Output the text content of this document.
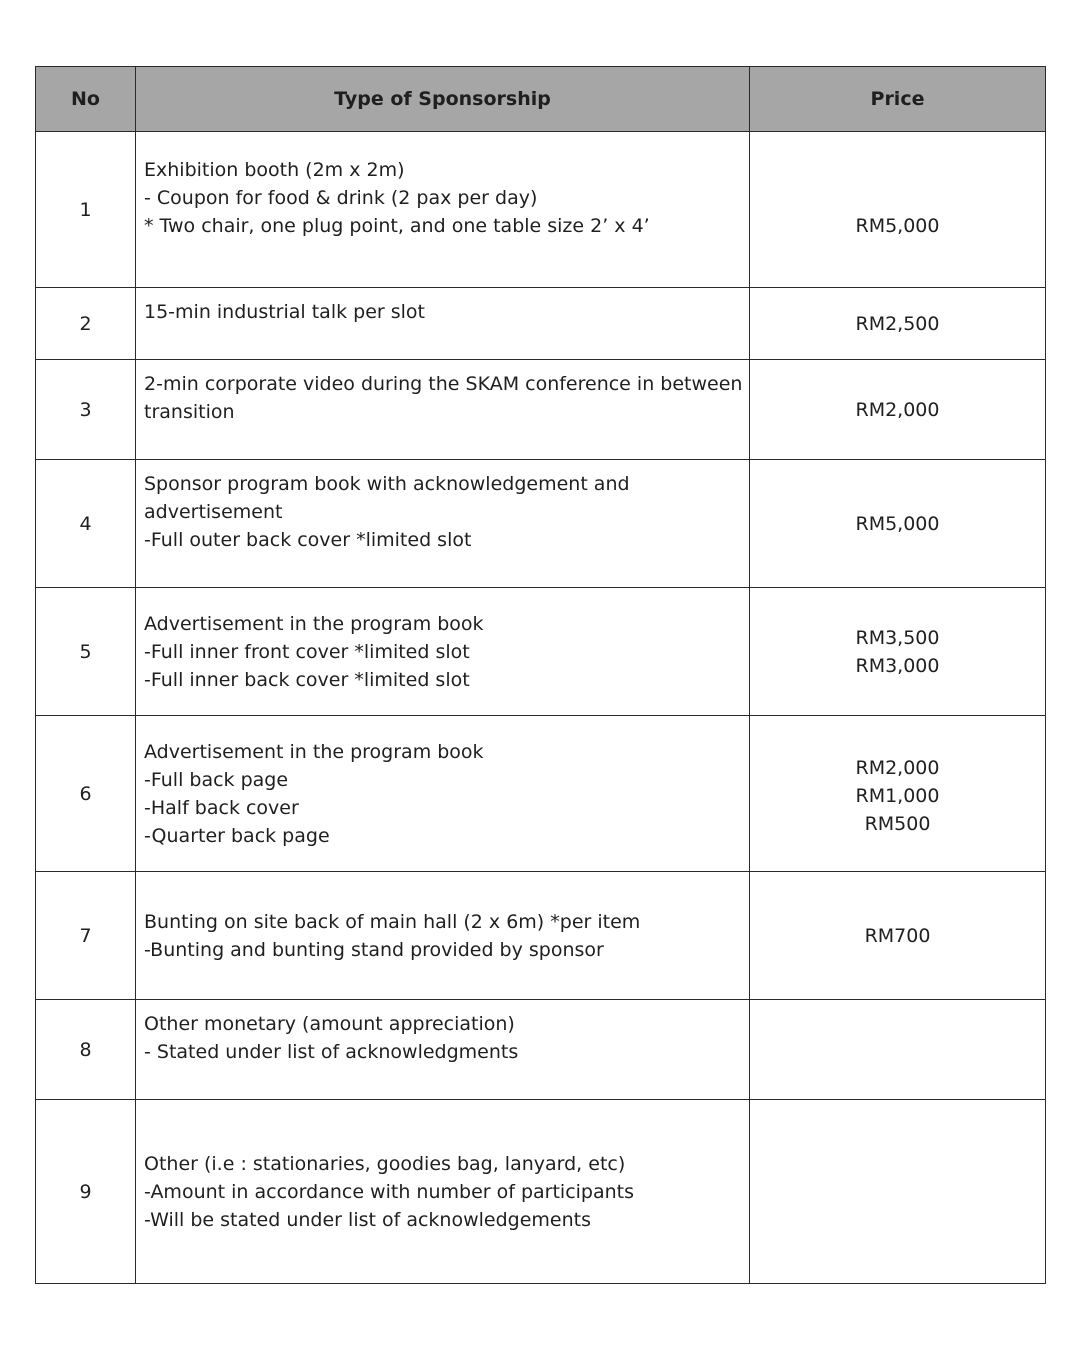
No	Type of Sponsorship	Price
1	Exhibition booth (2m x 2m)
- Coupon for food & drink (2 pax per day)
* Two chair, one plug point, and one table size 2’ x 4’	RM5,000

2	15-min industrial talk per slot	RM2,500

3	2-min corporate video during the SKAM conference in between transition	RM2,000

4	Sponsor program book with acknowledgement and advertisement
-Full outer back cover *limited slot	RM5,000

5	Advertisement in the program book
-Full inner front cover *limited slot
-Full inner back cover *limited slot	RM3,500
RM3,000

6	Advertisement in the program book
-Full back page
-Half back cover
-Quarter back page	RM2,000
RM1,000
RM500

7	Bunting on site back of main hall (2 x 6m) *per item
-Bunting and bunting stand provided by sponsor	RM700

8	Other monetary (amount appreciation)
- Stated under list of acknowledgments	

9	Other (i.e : stationaries, goodies bag, lanyard, etc)
-Amount in accordance with number of participants
-Will be stated under list of acknowledgements	
